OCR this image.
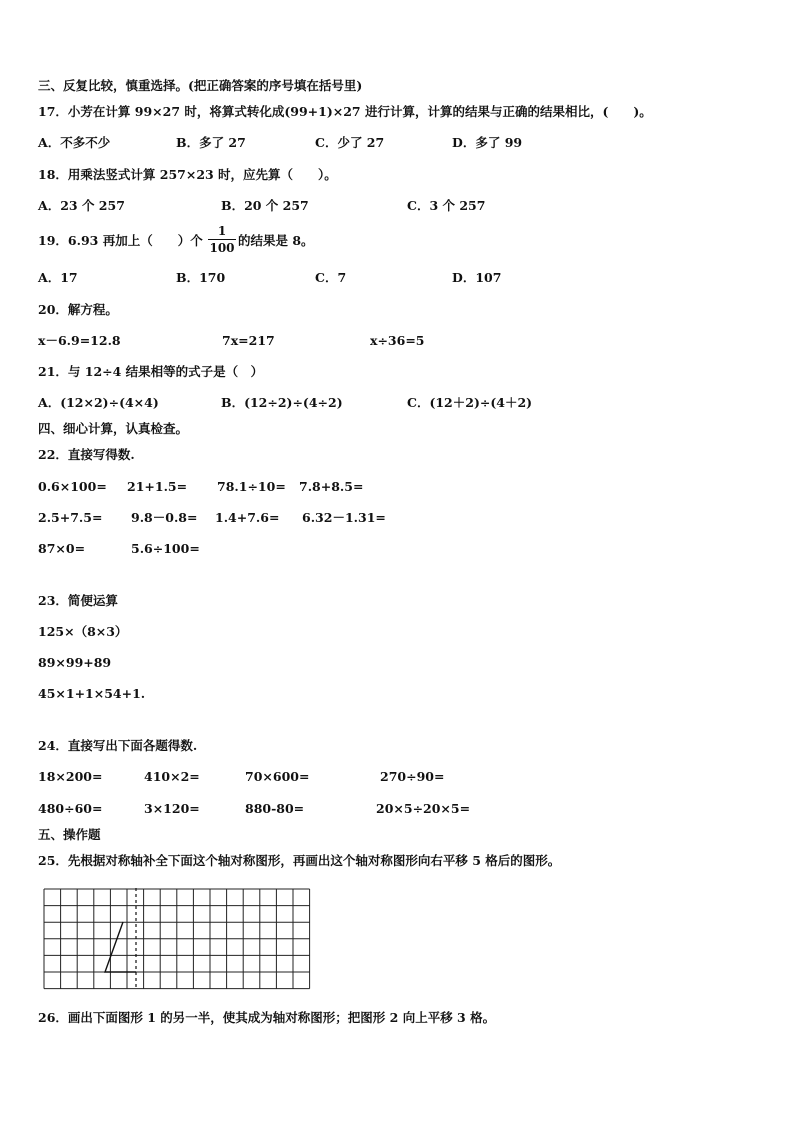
三、反复比较，慎重选择。(把正确答案的序号填在括号里)
17．小芳在计算 99×27 时，将算式转化成(99+1)×27 进行计算，计算的结果与正确的结果相比，(　　)。
A．不多不少	B．多了 27	C．少了 27	D．多了 99
18．用乘法竖式计算 257×23 时，应先算（　　）。
A．23 个 257	B．20 个 257	C．3 个 257
19．6.93 再加上（　　）个
1
100 的结果是 8。
A．17	B．170	C．7	D．107
20．解方程。
x－6.9=12.8	7x=217	x÷36=5
21．与 12÷4 结果相等的式子是（　）
A．(12×2)÷(4×4)	B．(12÷2)÷(4÷2)	C．(12＋2)÷(4＋2)
四、细心计算，认真检查。
22．直接写得数.
0.6×100= 21+1.5= 78.1÷10= 7.8+8.5=
2.5+7.5= 9.8－0.8= 1.4+7.6= 6.32－1.31=
87×0=	5.6÷100=
23．简便运算
125×（8×3）
89×99+89
45×1+1×54+1.
24．直接写出下面各题得数.
18×200=	410×2=	70×600=	270÷90=
480÷60=	3×120=	880-80=	20×5÷20×5=
五、操作题
25．先根据对称轴补全下面这个轴对称图形，再画出这个轴对称图形向右平移 5 格后的图形。
26．画出下面图形 1 的另一半，使其成为轴对称图形；把图形 2 向上平移 3 格。
